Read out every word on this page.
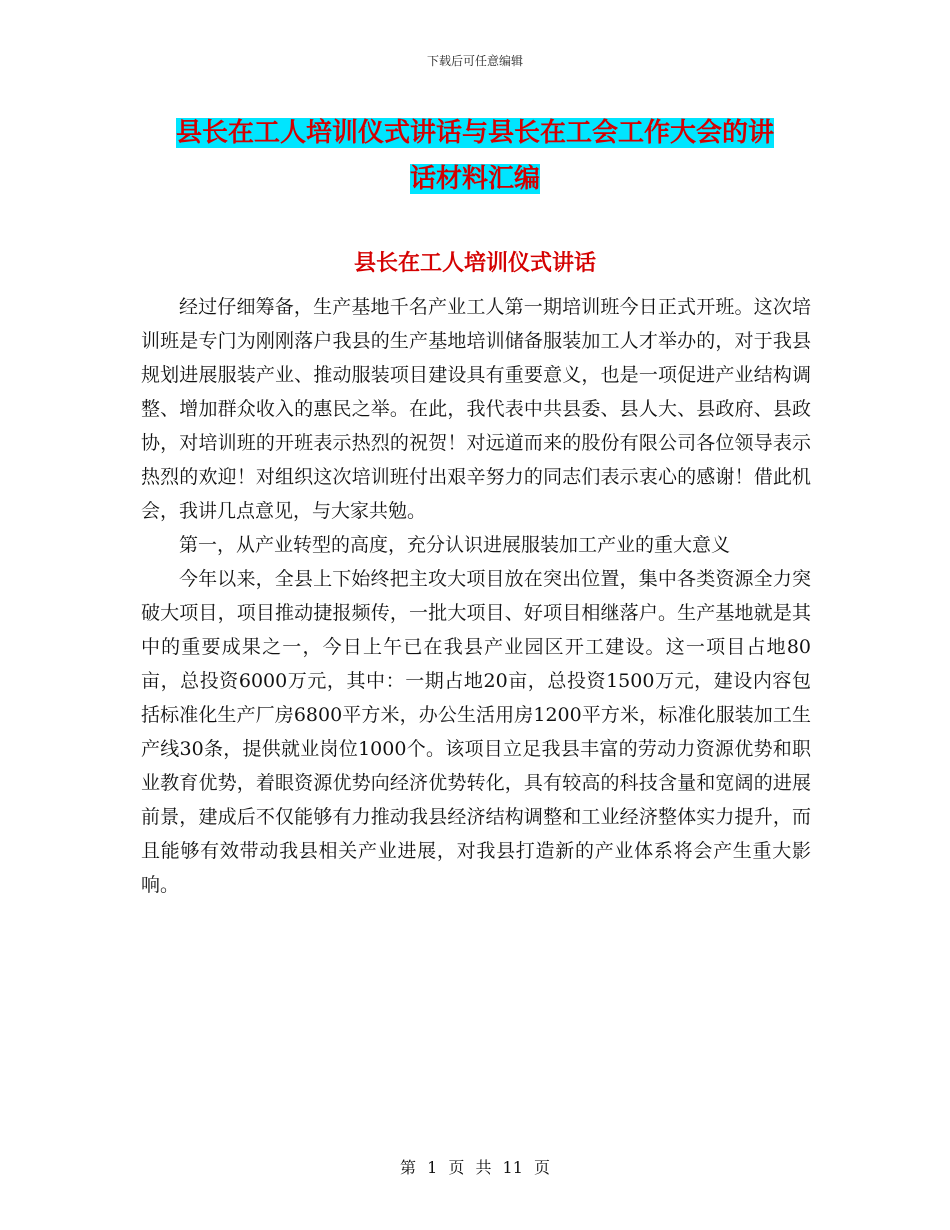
下载后可任意编辑
县长在工人培训仪式讲话与县长在工会工作大会的讲
话材料汇编
县长在工人培训仪式讲话

经过仔细筹备，生产基地千名产业工人第一期培训班今日正式开班。这次培训班是专门为刚刚落户我县的生产基地培训储备服装加工人才举办的，对于我县规划进展服装产业、推动服装项目建设具有重要意义，也是一项促进产业结构调整、增加群众收入的惠民之举。在此，我代表中共县委、县人大、县政府、县政协，对培训班的开班表示热烈的祝贺！对远道而来的股份有限公司各位领导表示热烈的欢迎！对组织这次培训班付出艰辛努力的同志们表示衷心的感谢！借此机会，我讲几点意见，与大家共勉。

第一，从产业转型的高度，充分认识进展服装加工产业的重大意义

今年以来，全县上下始终把主攻大项目放在突出位置，集中各类资源全力突破大项目，项目推动捷报频传，一批大项目、好项目相继落户。生产基地就是其中的重要成果之一，今日上午已在我县产业园区开工建设。这一项目占地80亩，总投资6000万元，其中：一期占地20亩，总投资1500万元，建设内容包括标准化生产厂房6800平方米，办公生活用房1200平方米，标准化服装加工生产线30条，提供就业岗位1000个。该项目立足我县丰富的劳动力资源优势和职业教育优势，着眼资源优势向经济优势转化，具有较高的科技含量和宽阔的进展前景，建成后不仅能够有力推动我县经济结构调整和工业经济整体实力提升，而且能够有效带动我县相关产业进展，对我县打造新的产业体系将会产生重大影响。

第 1 页 共 11 页
